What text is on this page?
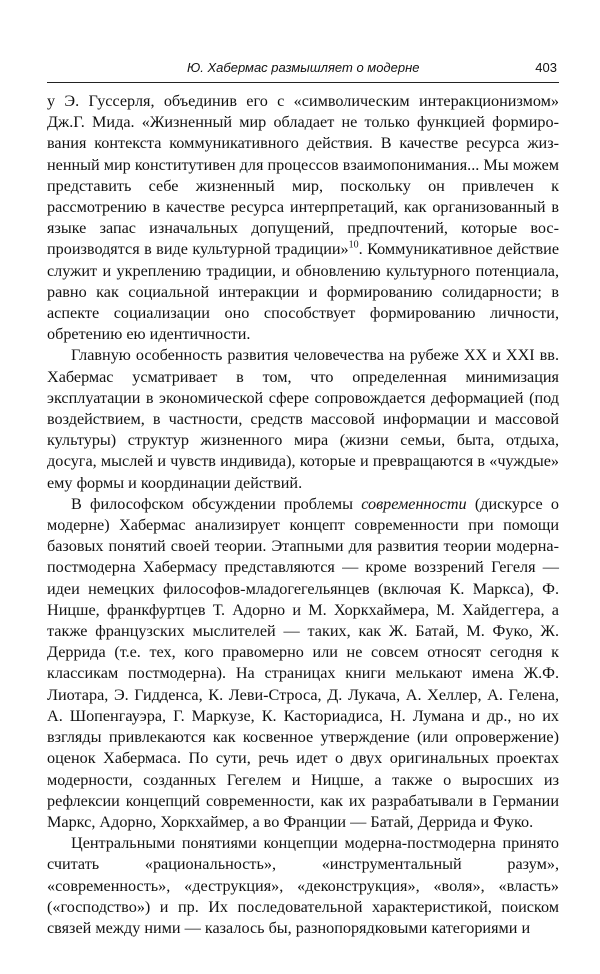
Ю. Хабермас размышляет о модерне	403

у Э. Гуссерля, объединив его с «символическим интеракционизмом» Дж.Г. Мида. «Жизненный мир обладает не только функцией формирования контекста коммуникативного действия. В качестве ресурса жизненный мир конститутивен для процессов взаимопонимания... Мы можем представить себе жизненный мир, поскольку он привлечен к рассмотрению в качестве ресурса интерпретаций, как организованный в языке запас изначальных допущений, предпочтений, которые воспроизводятся в виде культурной традиции»$^{10}$. Коммуникативное действие служит и укреплению традиции, и обновлению культурного потенциала, равно как социальной интеракции и формированию солидарности; в аспекте социализации оно способствует формированию личности, обретению ею идентичности.

Главную особенность развития человечества на рубеже XX и XXI вв. Хабермас усматривает в том, что определенная минимизация эксплуатации в экономической сфере сопровождается деформацией (под воздействием, в частности, средств массовой информации и массовой культуры) структур жизненного мира (жизни семьи, быта, отдыха, досуга, мыслей и чувств индивида), которые и превращаются в «чуждые» ему формы и координации действий.

В философском обсуждении проблемы современности (дискурсе о модерне) Хабермас анализирует концепт современности при помощи базовых понятий своей теории. Этапными для развития теории модерна-постмодерна Хабермасу представляются — кроме воззрений Гегеля — идеи немецких философов-младогегельянцев (включая К. Маркса), Ф. Ницше, франкфуртцев Т. Адорно и М. Хоркхаймера, М. Хайдеггера, а также французских мыслителей — таких, как Ж. Батай, М. Фуко, Ж. Деррида (т.е. тех, кого правомерно или не совсем относят сегодня к классикам постмодерна). На страницах книги мелькают имена Ж.Ф. Лиотара, Э. Гидденса, К. Леви-Строса, Д. Лукача, А. Хеллер, А. Гелена, А. Шопенгауэра, Г. Маркузе, К. Касториадиса, Н. Лумана и др., но их взгляды привлекаются как косвенное утверждение (или опровержение) оценок Хабермаса. По сути, речь идет о двух оригинальных проектах модерности, созданных Гегелем и Ницше, а также о выросших из рефлексии концепций современности, как их разрабатывали в Германии Маркс, Адорно, Хоркхаймер, а во Франции — Батай, Деррида и Фуко.

Центральными понятиями концепции модерна-постмодерна принято считать «рациональность», «инструментальный разум», «современность», «деструкция», «деконструкция», «воля», «власть» («господство») и пр. Их последовательной характеристикой, поиском связей между ними — казалось бы, разнопорядковыми категориями и
